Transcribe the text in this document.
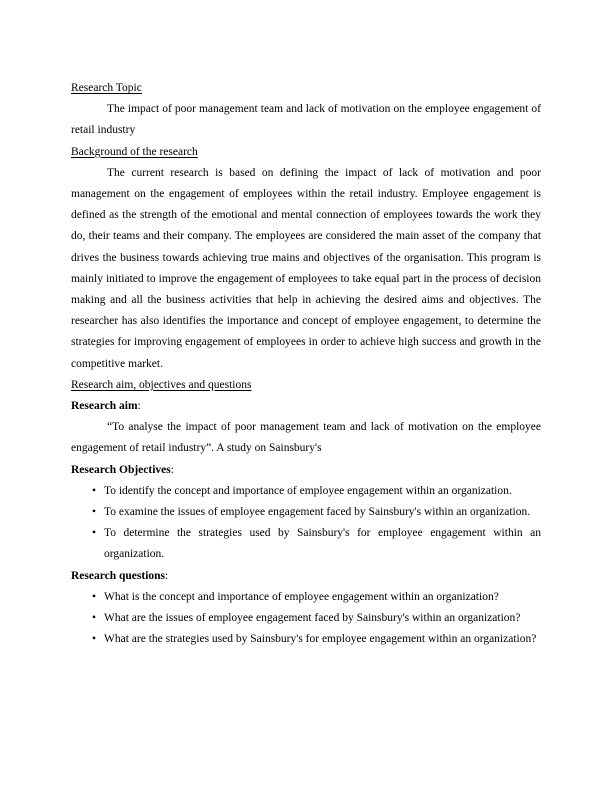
Research Topic

The impact of poor management team and lack of motivation on the employee engagement of retail industry

Background of the research

The current research is based on defining the impact of lack of motivation and poor management on the engagement of employees within the retail industry. Employee engagement is defined as the strength of the emotional and mental connection of employees towards the work they do, their teams and their company. The employees are considered the main asset of the company that drives the business towards achieving true mains and objectives of the organisation. This program is mainly initiated to improve the engagement of employees to take equal part in the process of decision making and all the business activities that help in achieving the desired aims and objectives. The researcher has also identifies the importance and concept of employee engagement, to determine the strategies for improving engagement of employees in order to achieve high success and growth in the competitive market.

Research aim, objectives and questions
Research aim:

“To analyse the impact of poor management team and lack of motivation on the employee engagement of retail industry”. A study on Sainsbury's

Research Objectives:
• To identify the concept and importance of employee engagement within an organization.
• To examine the issues of employee engagement faced by Sainsbury's within an organization.
• To determine the strategies used by Sainsbury's for employee engagement within an organization.
Research questions:
• What is the concept and importance of employee engagement within an organization?
• What are the issues of employee engagement faced by Sainsbury's within an organization?
• What are the strategies used by Sainsbury's for employee engagement within an organization?
